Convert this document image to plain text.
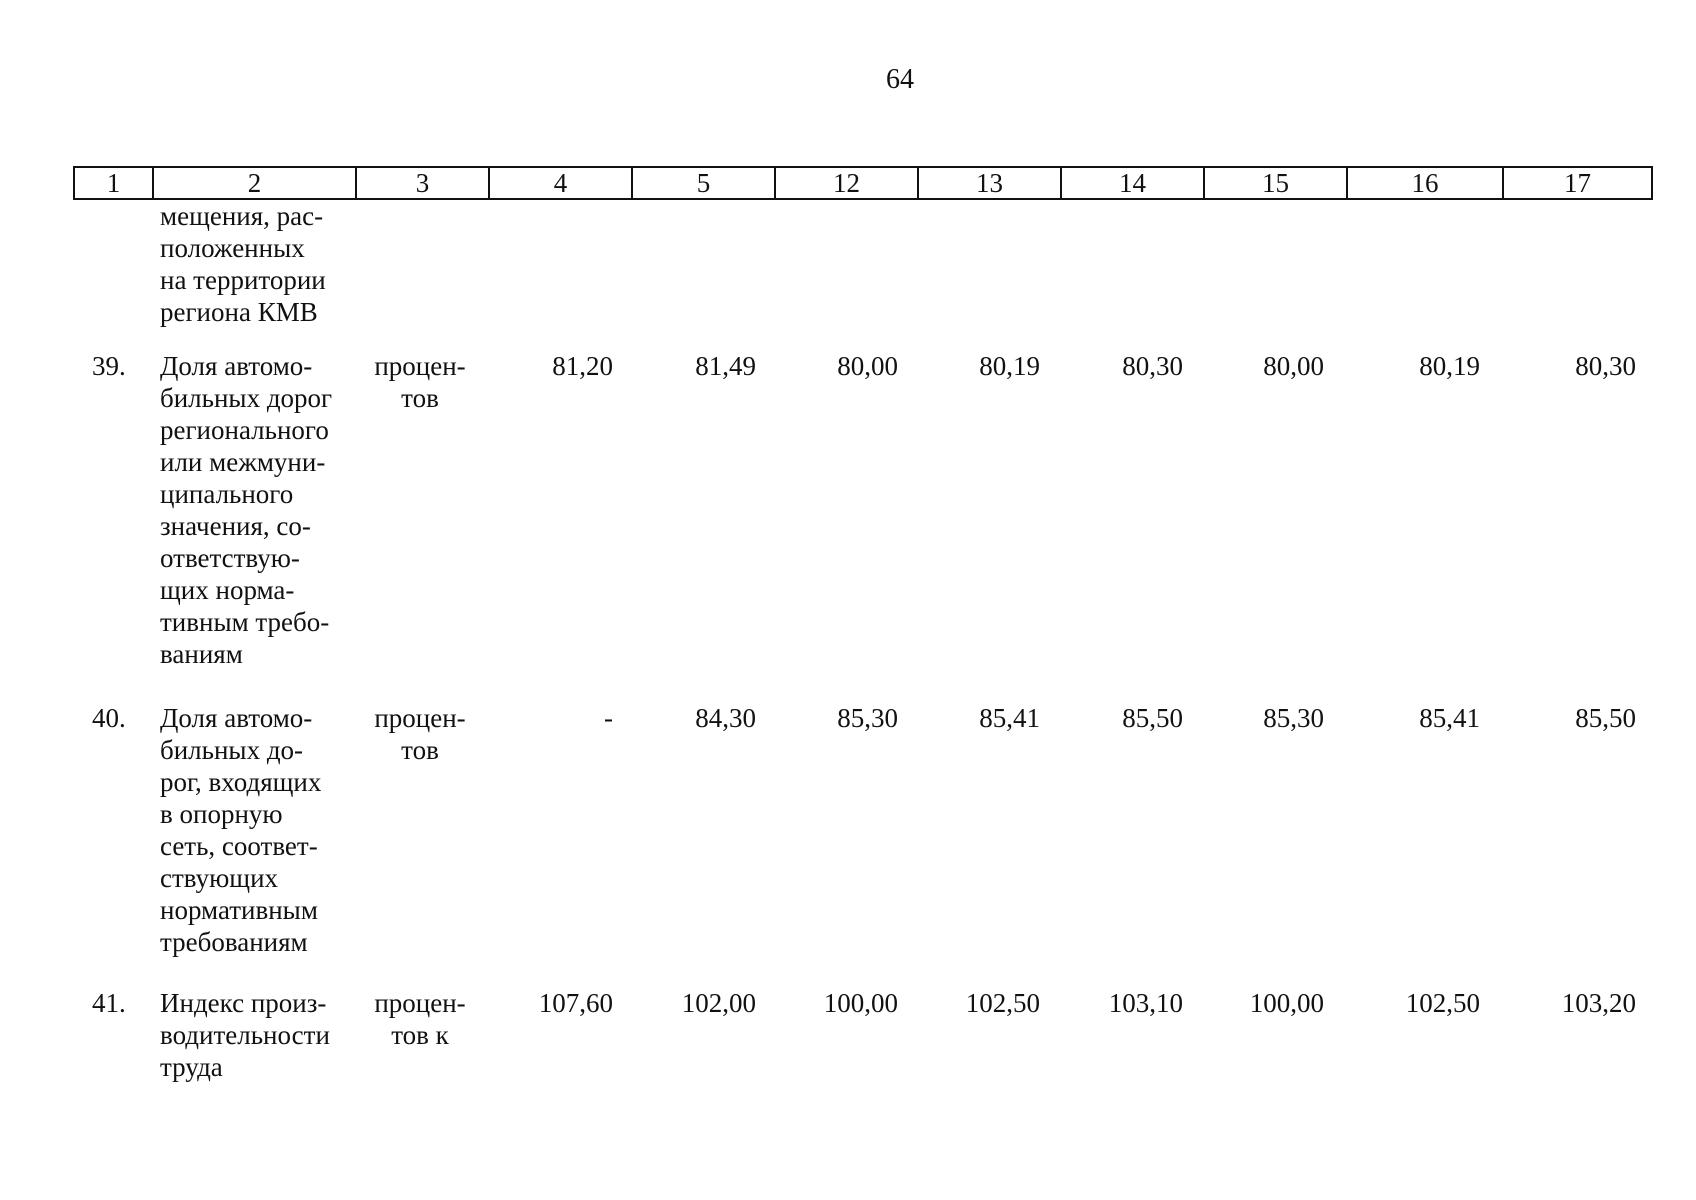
64
1	2	3	4	5	12	13	14	15	16	17
мещения, рас-
положенных
на территории
региона КМВ
39.	Доля автомо-
бильных дорог
регионального
или межмуни-
ципального
значения, со-
ответствую-
щих норма-
тивным требо-
ваниям
процен-
тов
81,20	81,49	80,00	80,19	80,30	80,00	80,19	80,30
40.	Доля автомо-
бильных до-
рог, входящих
в опорную
сеть, соответ-
ствующих
нормативным
требованиям
процен-
тов
-	84,30	85,30	85,41	85,50	85,30	85,41	85,50
41.	Индекс произ-
водительности
труда
процен-
тов к
107,60	102,00	100,00	102,50	103,10	100,00	102,50	103,20
